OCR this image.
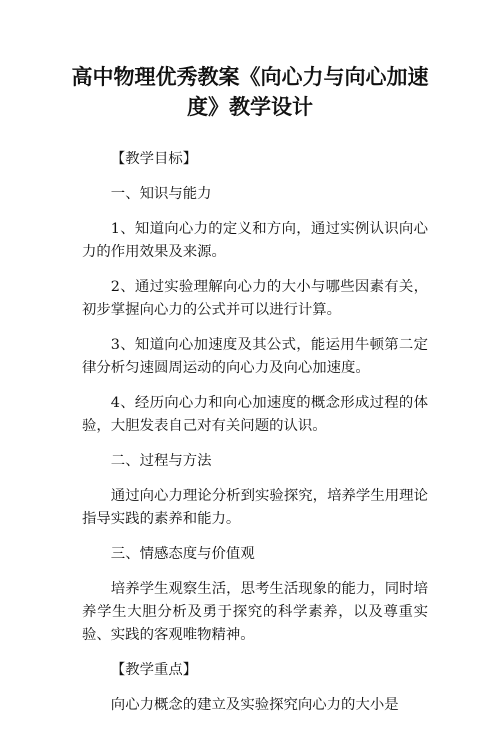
高中物理优秀教案《向心力与向心加速度》教学设计

【教学目标】

一、知识与能力

1、知道向心力的定义和方向，通过实例认识向心力的作用效果及来源。

2、通过实验理解向心力的大小与哪些因素有关，初步掌握向心力的公式并可以进行计算。

3、知道向心加速度及其公式，能运用牛顿第二定律分析匀速圆周运动的向心力及向心加速度。

4、经历向心力和向心加速度的概念形成过程的体验，大胆发表自己对有关问题的认识。

二、过程与方法

通过向心力理论分析到实验探究，培养学生用理论指导实践的素养和能力。

三、情感态度与价值观

培养学生观察生活，思考生活现象的能力，同时培养学生大胆分析及勇于探究的科学素养，以及尊重实验、实践的客观唯物精神。

【教学重点】

向心力概念的建立及实验探究向心力的大小是
